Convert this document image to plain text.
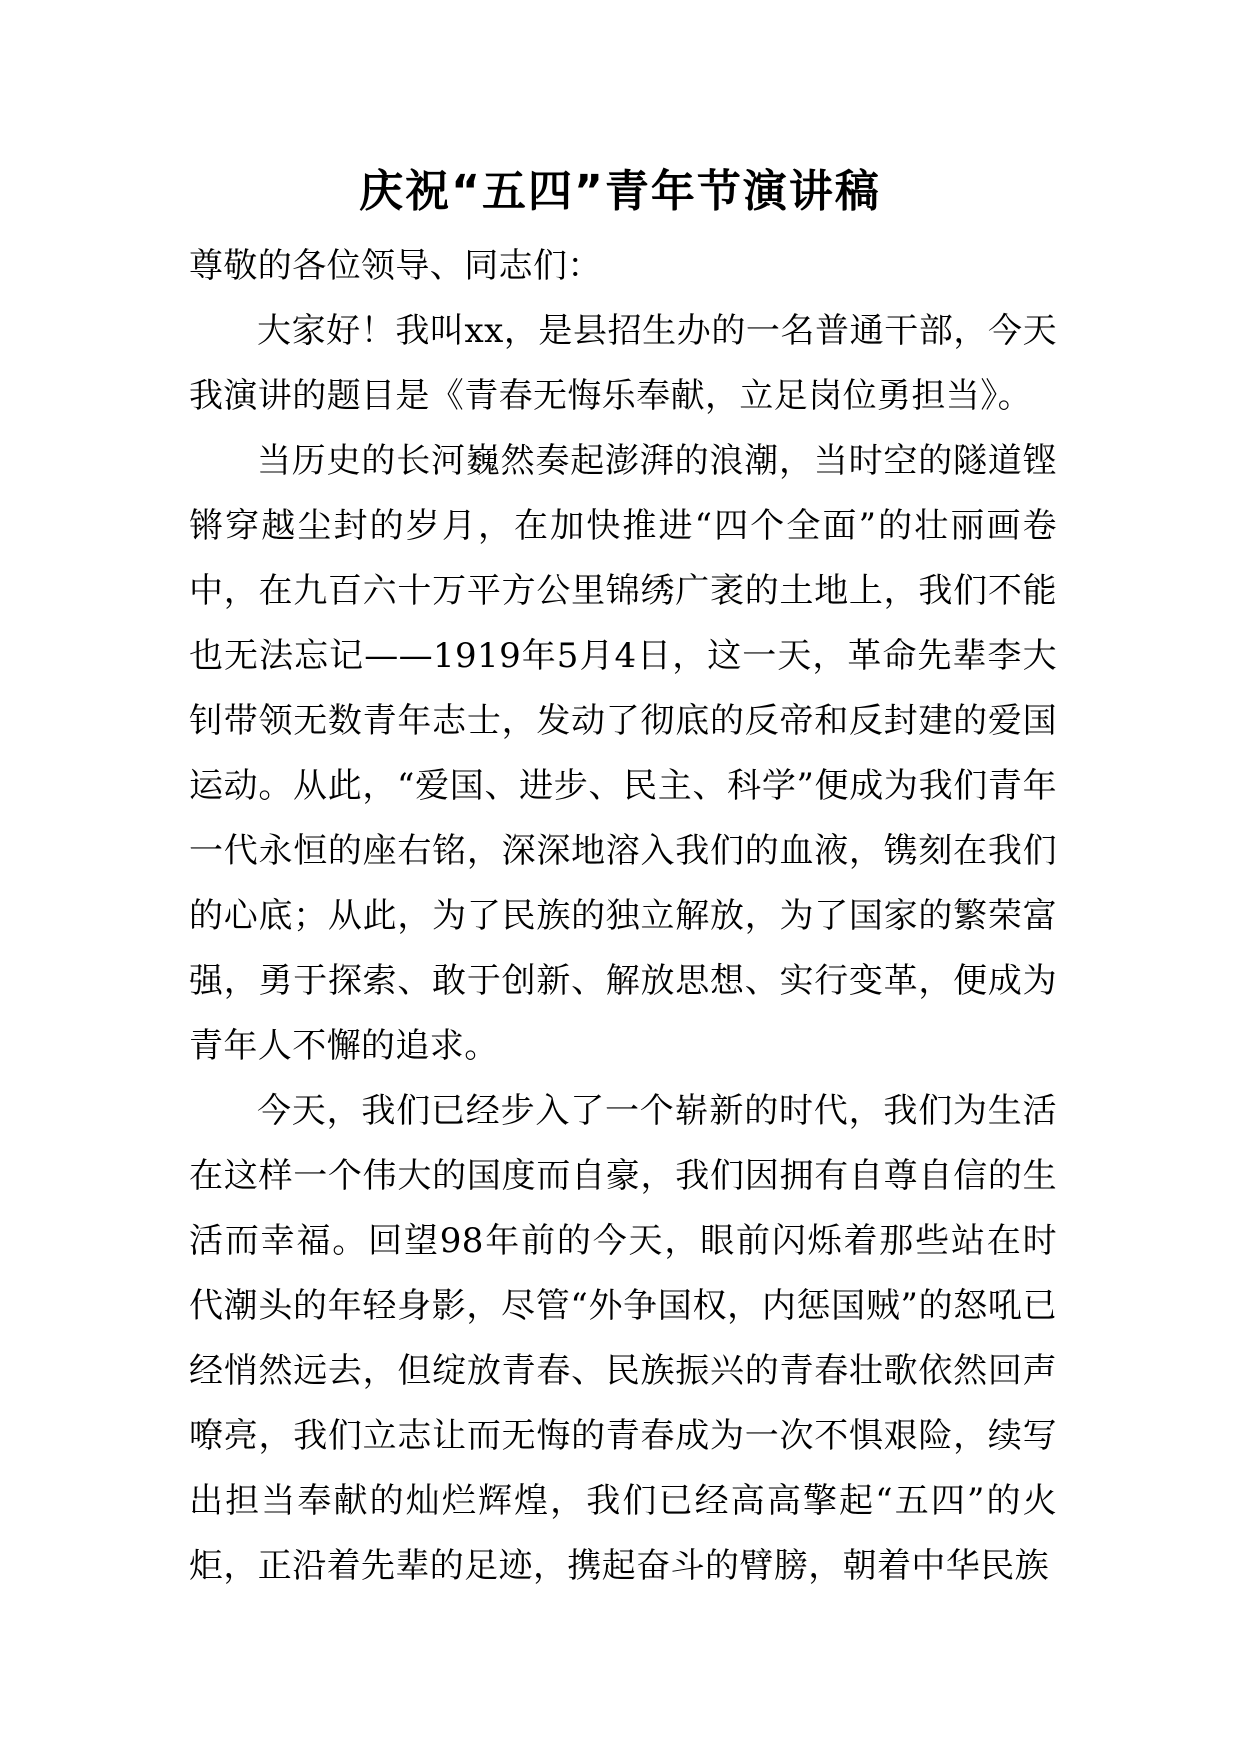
庆祝“五四”青年节演讲稿

尊敬的各位领导、同志们：

大家好！我叫xx，是县招生办的一名普通干部，今天我演讲的题目是《青春无悔乐奉献，立足岗位勇担当》。

当历史的长河巍然奏起澎湃的浪潮，当时空的隧道铿锵穿越尘封的岁月，在加快推进“四个全面”的壮丽画卷中，在九百六十万平方公里锦绣广袤的土地上，我们不能也无法忘记——1919年5月4日，这一天，革命先辈李大钊带领无数青年志士，发动了彻底的反帝和反封建的爱国运动。从此，“爱国、进步、民主、科学”便成为我们青年一代永恒的座右铭，深深地溶入我们的血液，镌刻在我们的心底；从此，为了民族的独立解放，为了国家的繁荣富强，勇于探索、敢于创新、解放思想、实行变革，便成为青年人不懈的追求。

今天，我们已经步入了一个崭新的时代，我们为生活在这样一个伟大的国度而自豪，我们因拥有自尊自信的生活而幸福。回望98年前的今天，眼前闪烁着那些站在时代潮头的年轻身影，尽管“外争国权，内惩国贼”的怒吼已经悄然远去，但绽放青春、民族振兴的青春壮歌依然回声嘹亮，我们立志让而无悔的青春成为一次不惧艰险，续写出担当奉献的灿烂辉煌，我们已经高高擎起“五四”的火炬，正沿着先辈的足迹，携起奋斗的臂膀，朝着中华民族
